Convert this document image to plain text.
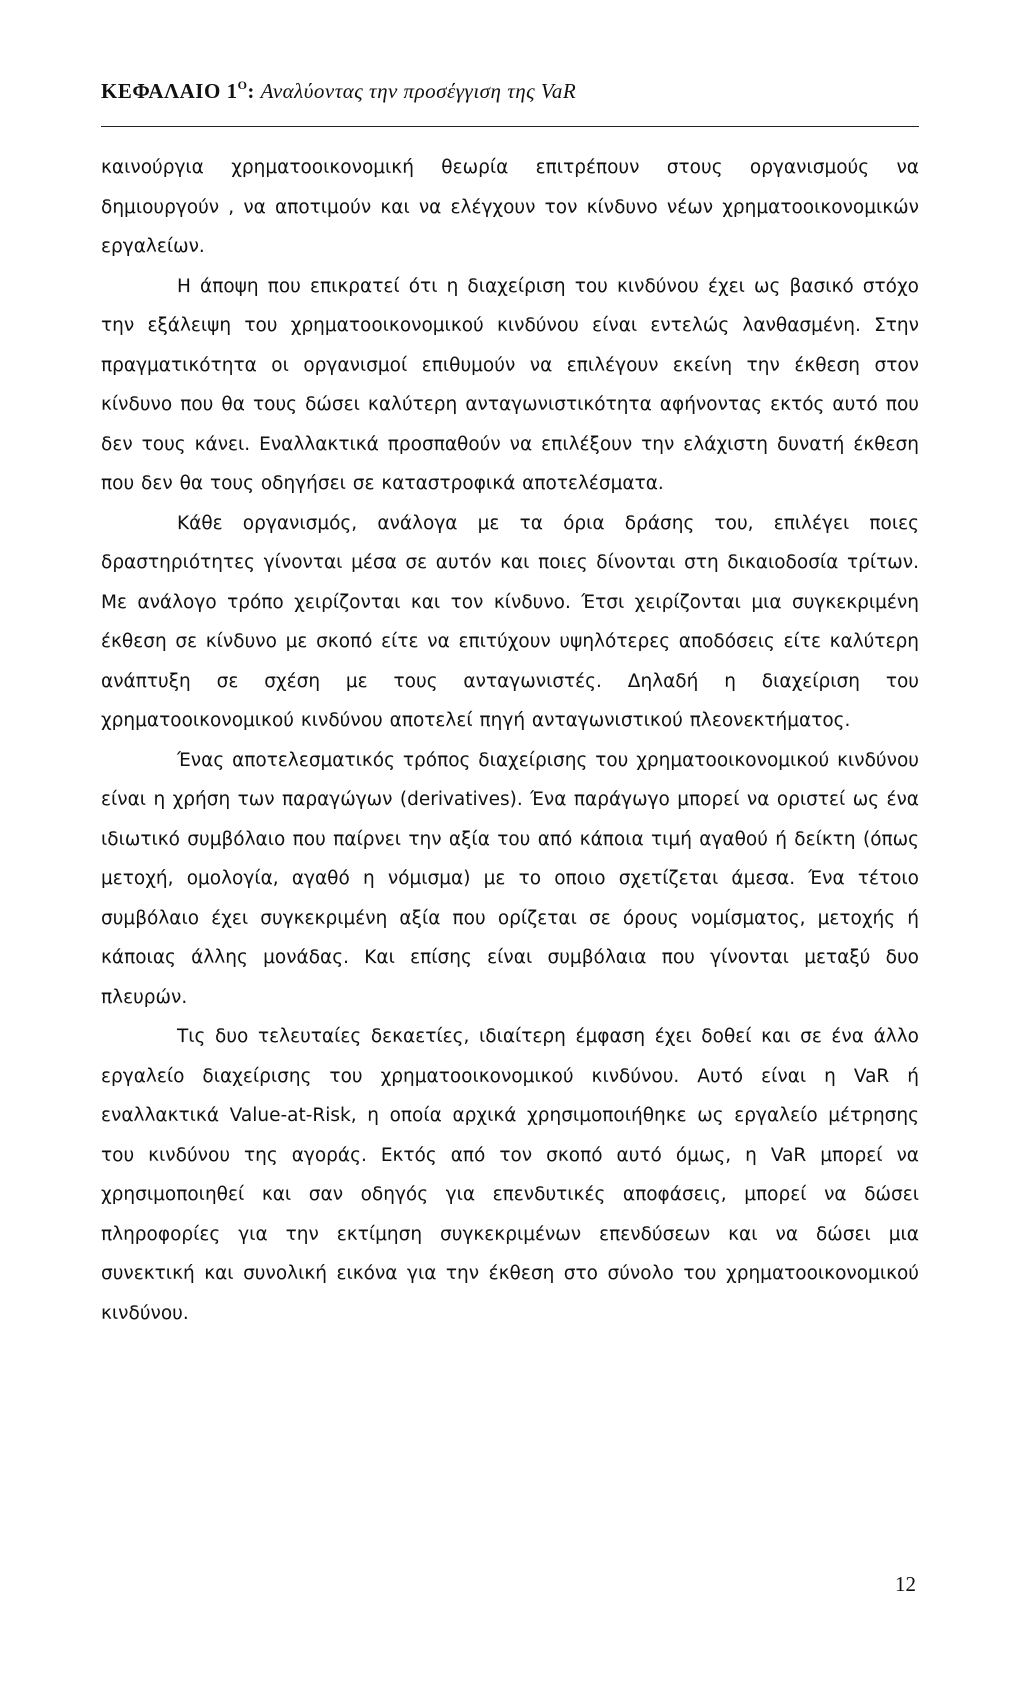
ΚΕΦΑΛΑΙΟ $1^O$: Αναλύοντας την προσέγγιση της VaR

καινούργια χρηματοοικονομική θεωρία επιτρέπουν στους οργανισμούς να δημιουργούν , να αποτιμούν και να ελέγχουν τον κίνδυνο νέων χρηματοοικονομικών εργαλείων.

Η άποψη που επικρατεί ότι η διαχείριση του κινδύνου έχει ως βασικό στόχο την εξάλειψη του χρηματοοικονομικού κινδύνου είναι εντελώς λανθασμένη. Στην πραγματικότητα οι οργανισμοί επιθυμούν να επιλέγουν εκείνη την έκθεση στον κίνδυνο που θα τους δώσει καλύτερη ανταγωνιστικότητα αφήνοντας εκτός αυτό που δεν τους κάνει. Εναλλακτικά προσπαθούν να επιλέξουν την ελάχιστη δυνατή έκθεση που δεν θα τους οδηγήσει σε καταστροφικά αποτελέσματα.

Κάθε οργανισμός, ανάλογα με τα όρια δράσης του, επιλέγει ποιες δραστηριότητες γίνονται μέσα σε αυτόν και ποιες δίνονται στη δικαιοδοσία τρίτων. Με ανάλογο τρόπο χειρίζονται και τον κίνδυνο. Έτσι χειρίζονται μια συγκεκριμένη έκθεση σε κίνδυνο με σκοπό είτε να επιτύχουν υψηλότερες αποδόσεις είτε καλύτερη ανάπτυξη σε σχέση με τους ανταγωνιστές. Δηλαδή η διαχείριση του χρηματοοικονομικού κινδύνου αποτελεί πηγή ανταγωνιστικού πλεονεκτήματος.

Ένας αποτελεσματικός τρόπος διαχείρισης του χρηματοοικονομικού κινδύνου είναι η χρήση των παραγώγων (derivatives). Ένα παράγωγο μπορεί να οριστεί ως ένα ιδιωτικό συμβόλαιο που παίρνει την αξία του από κάποια τιμή αγαθού ή δείκτη (όπως μετοχή, ομολογία, αγαθό η νόμισμα) με το οποιο σχετίζεται άμεσα. Ένα τέτοιο συμβόλαιο έχει συγκεκριμένη αξία που ορίζεται σε όρους νομίσματος, μετοχής ή κάποιας άλλης μονάδας. Και επίσης είναι συμβόλαια που γίνονται μεταξύ δυο πλευρών.

Τις δυο τελευταίες δεκαετίες, ιδιαίτερη έμφαση έχει δοθεί και σε ένα άλλο εργαλείο διαχείρισης του χρηματοοικονομικού κινδύνου. Αυτό είναι η VaR ή εναλλακτικά Value-at-Risk, η οποία αρχικά χρησιμοποιήθηκε ως εργαλείο μέτρησης του κινδύνου της αγοράς. Εκτός από τον σκοπό αυτό όμως, η VaR μπορεί να χρησιμοποιηθεί και σαν οδηγός για επενδυτικές αποφάσεις, μπορεί να δώσει πληροφορίες για την εκτίμηση συγκεκριμένων επενδύσεων και να δώσει μια συνεκτική και συνολική εικόνα για την έκθεση στο σύνολο του χρηματοοικονομικού κινδύνου.

12
